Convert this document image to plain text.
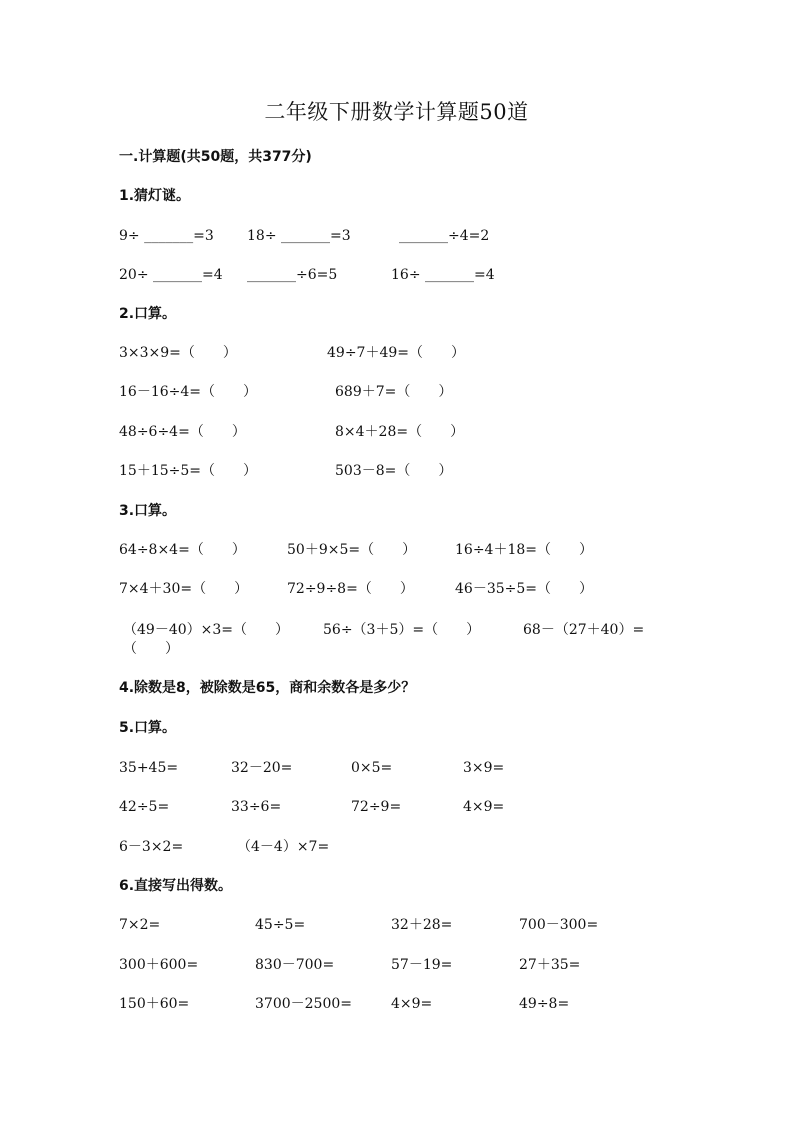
二年级下册数学计算题50道
一.计算题(共50题，共377分)
1.猜灯谜。
9÷ _______=3 18÷ _______=3	_______÷4=2
20÷ _______=4 _______÷6=5	16÷ _______=4
2.口算。
3×3×9=（　　）	49÷7＋49=（　　）
16－16÷4=（　　）	689＋7=（　　）
48÷6÷4=（　　）	8×4＋28=（　　）
15＋15÷5=（　　）	503－8=（　　）
3.口算。
64÷8×4=（　　）	50＋9×5=（　　）	16÷4＋18=（　　）
7×4＋30=（　　）	72÷9÷8=（　　）	46－35÷5=（　　）
（49－40）×3=（　　） 56÷（3＋5）=（　　）	68－（27＋40）=
（　　）
4.除数是8，被除数是65，商和余数各是多少？
5.口算。
35+45=	32－20=	0×5=	3×9=
42÷5=	33÷6=	72÷9=	4×9=
6－3×2=	（4－4）×7=
6.直接写出得数。
7×2=	45÷5=	32＋28=	700－300=
300＋600=	830－700=	57－19=	27＋35=
150＋60=	3700－2500=	4×9=	49÷8=
